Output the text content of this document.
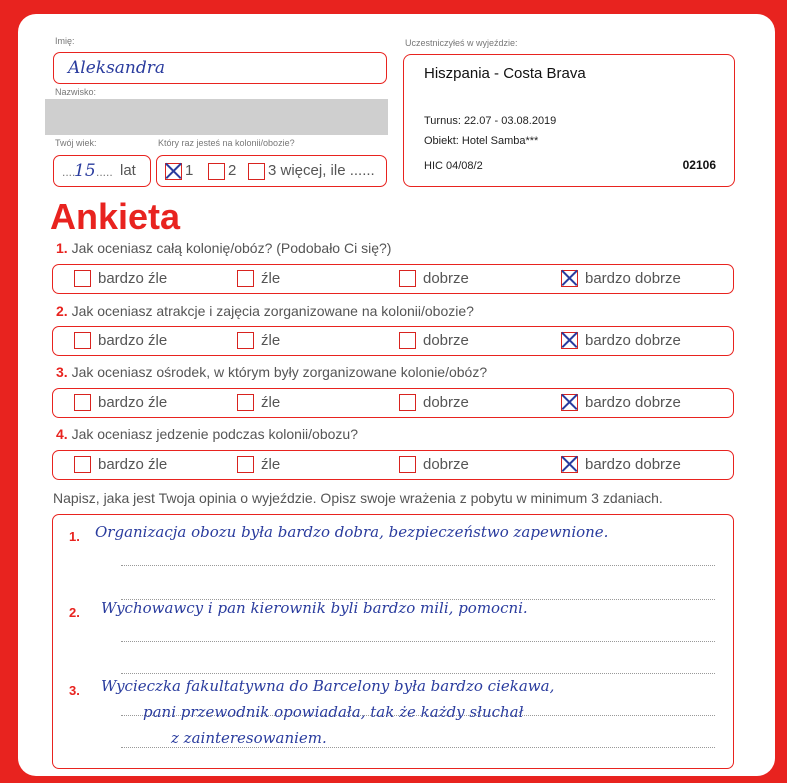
Imię:
Aleksandra
Nazwisko:
Twój wiek:
....
15 ..... lat
Który raz jesteś na kolonii/obozie?
1 2 3 więcej, ile ......
Uczestniczyłeś w wyjeździe:
Hiszpania - Costa Brava
Turnus: 22.07 - 03.08.2019
Obiekt: Hotel Samba***
HIC 04/08/2	02106
Ankieta
1. Jak oceniasz całą kolonię/obóz? (Podobało Ci się?)
bardzo źle	źle	dobrze	bardzo dobrze
2. Jak oceniasz atrakcje i zajęcia zorganizowane na kolonii/obozie?
bardzo źle	źle	dobrze	bardzo dobrze
3. Jak oceniasz ośrodek, w którym były zorganizowane kolonie/obóz?
bardzo źle	źle	dobrze	bardzo dobrze
4. Jak oceniasz jedzenie podczas kolonii/obozu?
bardzo źle	źle	dobrze	bardzo dobrze
Napisz, jaka jest Twoja opinia o wyjeździe. Opisz swoje wrażenia z pobytu w minimum 3 zdaniach.
1. Organizacja obozu była bardzo dobra, bezpieczeństwo zapewnione.
2. Wychowawcy i pan kierownik byli bardzo mili, pomocni.
3. Wycieczka fakultatywna do Barcelony była bardzo ciekawa,
pani przewodnik opowiadała, tak że każdy słuchał
z zainteresowaniem.
